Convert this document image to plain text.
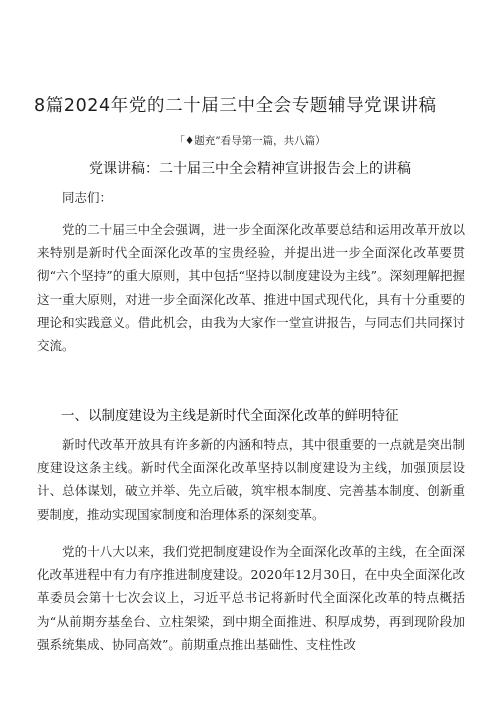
8篇2024年党的二十届三中全会专题辅导党课讲稿
「♦题充”看导第一篇，共八篇）
党课讲稿：二十届三中全会精神宣讲报告会上的讲稿
同志们：

党的二十届三中全会强调，进一步全面深化改革要总结和运用改革开放以来特别是新时代全面深化改革的宝贵经验，并提出进一步全面深化改革要贯彻“六个坚持”的重大原则，其中包括“坚持以制度建设为主线”。深刻理解把握这一重大原则，对进一步全面深化改革、推进中国式现代化，具有十分重要的理论和实践意义。借此机会，由我为大家作一堂宣讲报告，与同志们共同探讨交流。

一、以制度建设为主线是新时代全面深化改革的鲜明特征

新时代改革开放具有许多新的内涵和特点，其中很重要的一点就是突出制度建设这条主线。新时代全面深化改革坚持以制度建设为主线，加强顶层设计、总体谋划，破立并举、先立后破，筑牢根本制度、完善基本制度、创新重要制度，推动实现国家制度和治理体系的深刻变革。

党的十八大以来，我们党把制度建设作为全面深化改革的主线，在全面深化改革进程中有力有序推进制度建设。2020年12月30日，在中央全面深化改革委员会第十七次会议上，习近平总书记将新时代全面深化改革的特点概括为“从前期夯基垒台、立柱架梁，到中期全面推进、积厚成势，再到现阶段加强系统集成、协同高效”。前期重点推出基础性、支柱性改
